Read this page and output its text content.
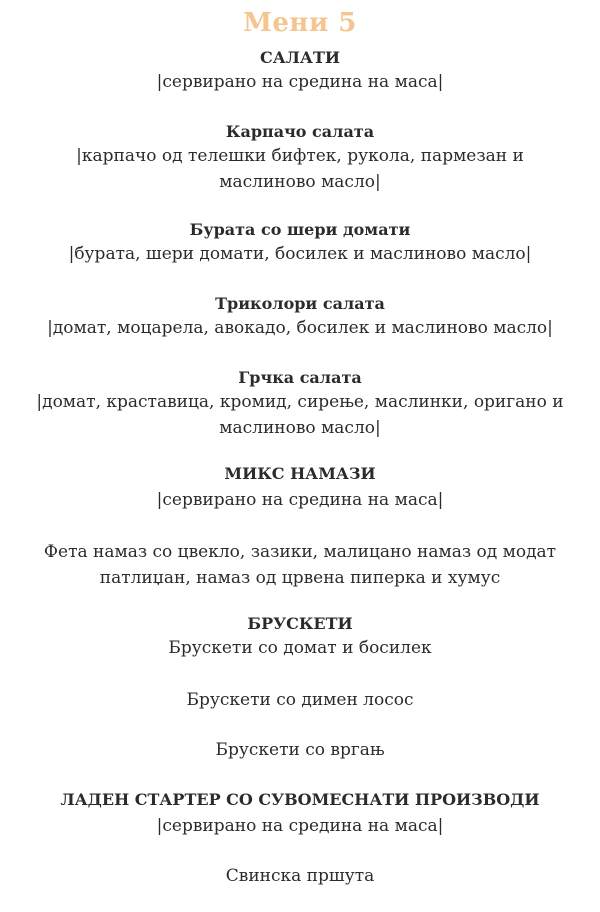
Мени 5
САЛАТИ
|сервирано на средина на маса|
Карпачо салата
|карпачо од телешки бифтек, рукола, пармезан и
маслиново масло|
Бурата со шери домати
|бурата, шери домати, босилек и маслиново масло|
Триколори салата
|домат, моцарела, авокадо, босилек и маслиново масло|
Грчка салата
|домат, краставица, кромид, сирење, маслинки, оригано и
маслиново масло|
МИКС НАМАЗИ
|сервирано на средина на маса|
Фета намаз со цвекло, зазики, малицано намаз од модат
патлиџан, намаз од црвена пиперка и хумус
БРУСКЕТИ
Брускети со домат и босилек
Брускети со димен лосос
Брускети со вргањ
ЛАДЕН СТАРТЕР СО СУВОМЕСНАТИ ПРОИЗВОДИ
|сервирано на средина на маса|
Свинска пршута
